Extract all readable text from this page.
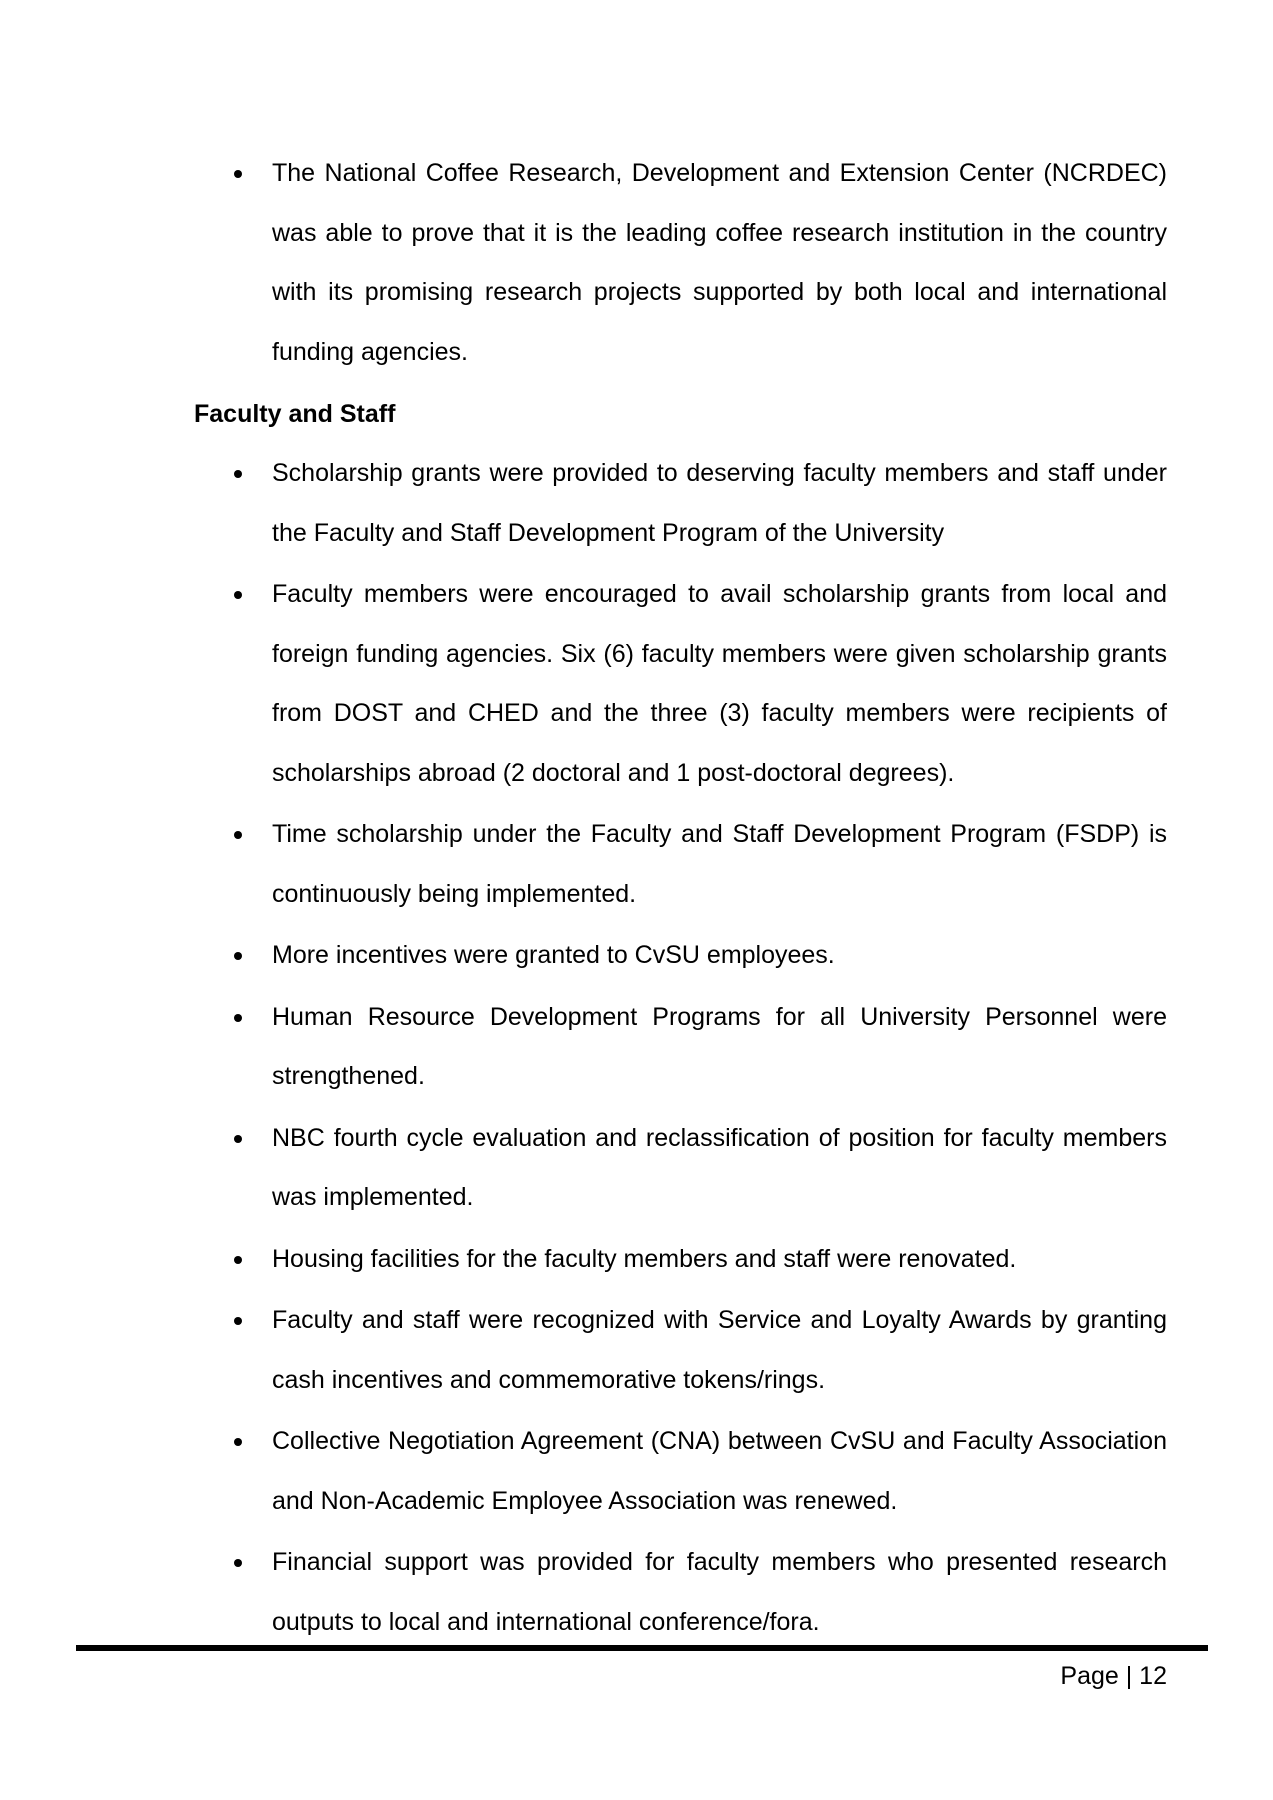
The National Coffee Research, Development and Extension Center (NCRDEC) was able to prove that it is the leading coffee research institution in the country with its promising research projects supported by both local and international funding agencies.

Faculty and Staff

Scholarship grants were provided to deserving faculty members and staff under the Faculty and Staff Development Program of the University
Faculty members were encouraged to avail scholarship grants from local and foreign funding agencies. Six (6) faculty members were given scholarship grants from DOST and CHED and the three (3) faculty members were recipients of scholarships abroad (2 doctoral and 1 post-doctoral degrees).
Time scholarship under the Faculty and Staff Development Program (FSDP) is continuously being implemented.
More incentives were granted to CvSU employees.
Human Resource Development Programs for all University Personnel were strengthened.
NBC fourth cycle evaluation and reclassification of position for faculty members was implemented.
Housing facilities for the faculty members and staff were renovated.
Faculty and staff were recognized with Service and Loyalty Awards by granting cash incentives and commemorative tokens/rings.
Collective Negotiation Agreement (CNA) between CvSU and Faculty Association and Non-Academic Employee Association was renewed.
Financial support was provided for faculty members who presented research outputs to local and international conference/fora.
Page | 12
